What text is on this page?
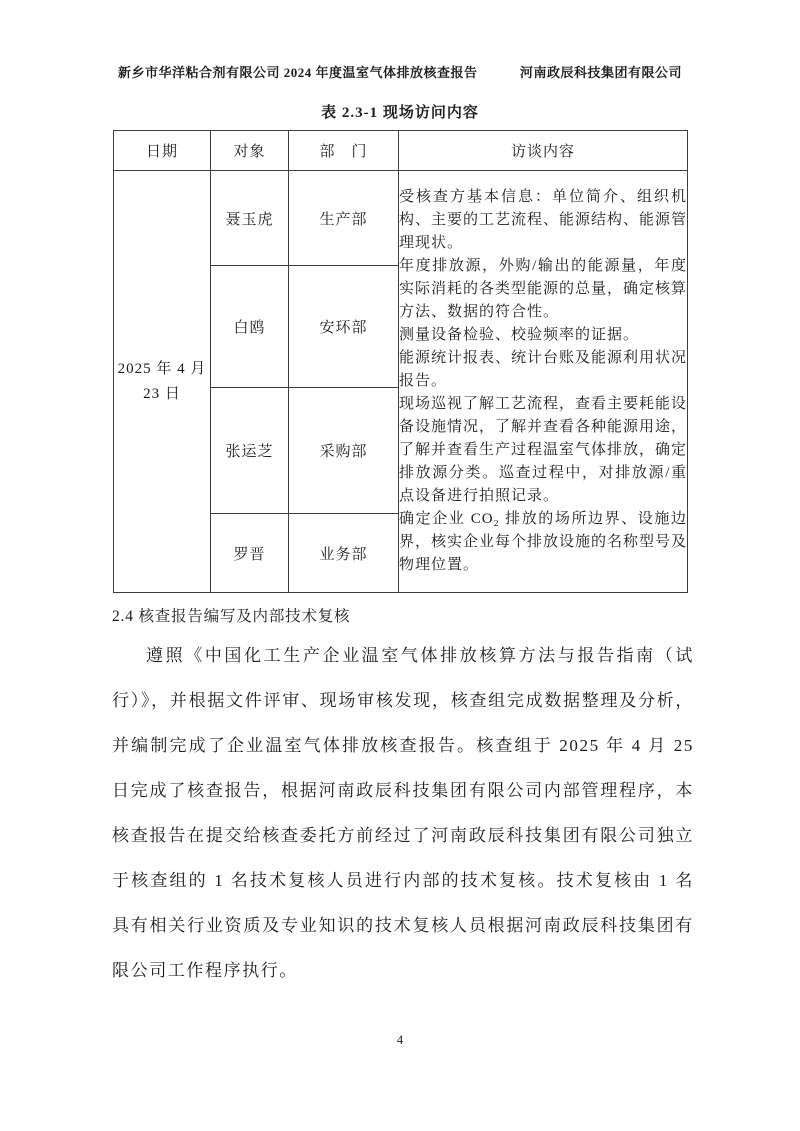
新乡市华洋粘合剂有限公司 2024 年度温室气体排放核查报告	河南政辰科技集团有限公司
表 2.3-1 现场访问内容
日期	对象	部　门	访谈内容

2025 年 4 月
23 日
	聂玉虎	生产部	

受核查方基本信息：单位简介、组织机构、主要的工艺流程、能源结构、能源管理现状。

年度排放源，外购/输出的能源量，年度实际消耗的各类型能源的总量，确定核算方法、数据的符合性。

测量设备检验、校验频率的证据。

能源统计报表、统计台账及能源利用状况报告。

现场巡视了解工艺流程，查看主要耗能设备设施情况，了解并查看各种能源用途，了解并查看生产过程温室气体排放，确定排放源分类。巡查过程中，对排放源/重点设备进行拍照记录。

确定企业 CO₂ 排放的场所边界、设施边界，核实企业每个排放设施的名称型号及物理位置。

	白鸥	安环部	
	张运芝	采购部	
	罗晋	业务部	
2.4 核查报告编写及内部技术复核

遵照《中国化工生产企业温室气体排放核算方法与报告指南（试行）》，并根据文件评审、现场审核发现，核查组完成数据整理及分析，并编制完成了企业温室气体排放核查报告。核查组于 2025 年 4 月 25 日完成了核查报告，根据河南政辰科技集团有限公司内部管理程序，本核查报告在提交给核查委托方前经过了河南政辰科技集团有限公司独立于核查组的 1 名技术复核人员进行内部的技术复核。技术复核由 1 名具有相关行业资质及专业知识的技术复核人员根据河南政辰科技集团有限公司工作程序执行。

4
